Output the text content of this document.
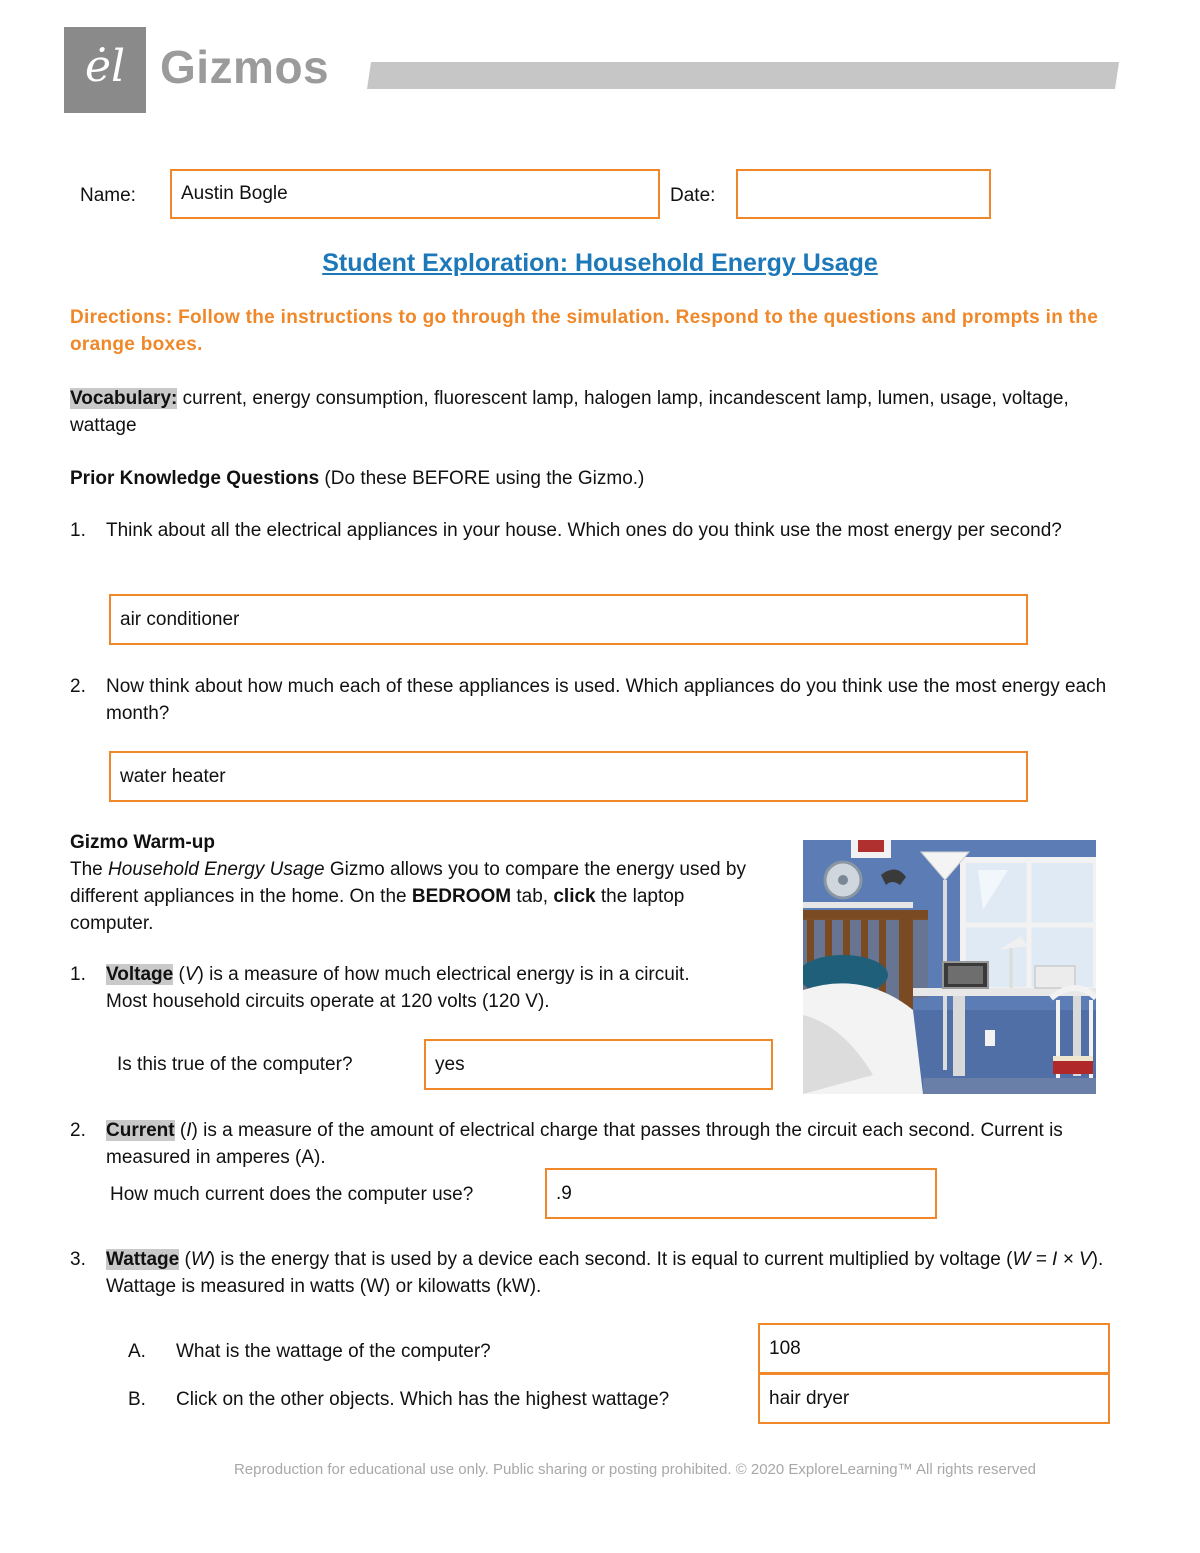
ėl Gizmos
Name: Austin Bogle	Date:
Student Exploration: Household Energy Usage
Directions: Follow the instructions to go through the simulation. Respond to the questions and prompts in the orange boxes.
Vocabulary: current, energy consumption, fluorescent lamp, halogen lamp, incandescent lamp, lumen, usage, voltage, wattage
Prior Knowledge Questions (Do these BEFORE using the Gizmo.)
1. Think about all the electrical appliances in your house. Which ones do you think use the most energy per second?
air conditioner
2. Now think about how much each of these appliances is used. Which appliances do you think use the most energy each month?
water heater
Gizmo Warm-up
The Household Energy Usage Gizmo allows you to compare the energy used by different appliances in the home. On the BEDROOM tab, click the laptop computer.
1. Voltage (V) is a measure of how much electrical energy is in a circuit. Most household circuits operate at 120 volts (120 V).
Is this true of the computer?	yes
2. Current (I) is a measure of the amount of electrical charge that passes through the circuit each second. Current is measured in amperes (A).
How much current does the computer use?	.9
3. Wattage (W) is the energy that is used by a device each second. It is equal to current multiplied by voltage (W = I × V). Wattage is measured in watts (W) or kilowatts (kW).
A. What is the wattage of the computer?	108
B. Click on the other objects. Which has the highest wattage?	hair dryer
Reproduction for educational use only. Public sharing or posting prohibited. © 2020 ExploreLearning™ All rights reserved
